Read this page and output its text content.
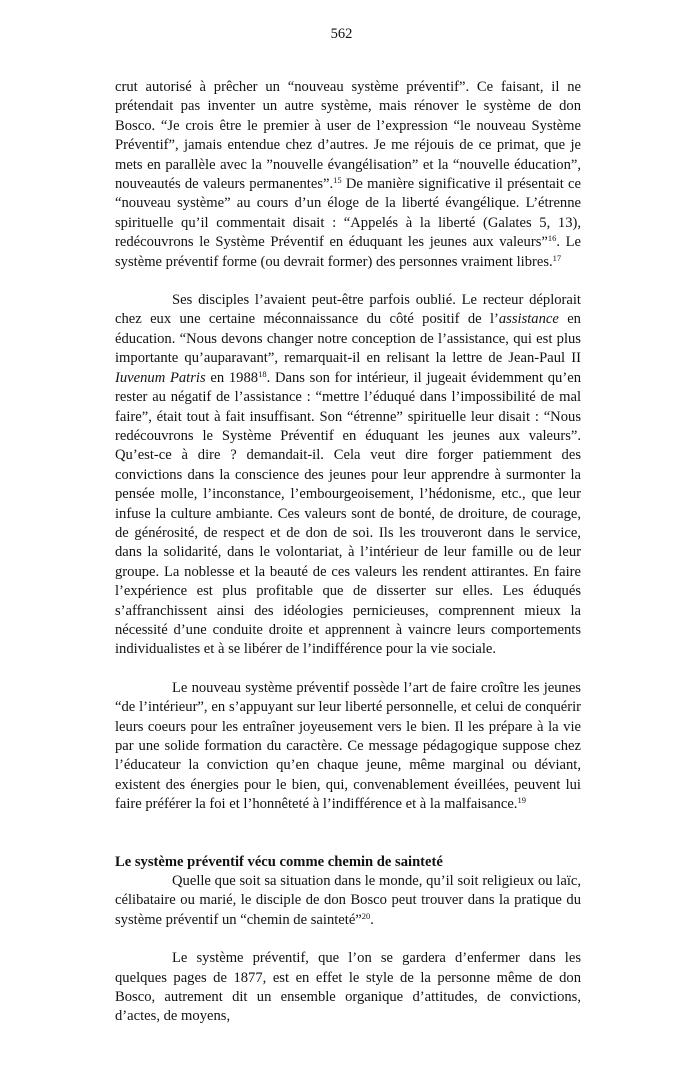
562

crut autorisé à prêcher un “nouveau système préventif”. Ce faisant, il ne prétendait pas inventer un autre système, mais rénover le système de don Bosco. “Je crois être le premier à user de l’expression “le nouveau Système Préventif”, jamais entendue chez d’autres. Je me réjouis de ce primat, que je mets en parallèle avec la ”nouvelle évangélisation” et la “nouvelle éducation”, nouveautés de valeurs permanentes”.$^{15}$ De manière significative il présentait ce “nouveau système” au cours d’un éloge de la liberté évangélique. L’étrenne spirituelle qu’il commentait disait : “Appelés à la liberté (Galates 5, 13), redécouvrons le Système Préventif en éduquant les jeunes aux valeurs”$^{16}$. Le système préventif forme (ou devrait former) des personnes vraiment libres.$^{17}$

Ses disciples l’avaient peut-être parfois oublié. Le recteur déplorait chez eux une certaine méconnaissance du côté positif de l’assistance en éducation. “Nous devons changer notre conception de l’assistance, qui est plus importante qu’auparavant”, remarquait-il en relisant la lettre de Jean-Paul II Iuvenum Patris en 1988$^{18}$. Dans son for intérieur, il jugeait évidemment qu’en rester au négatif de l’assistance : “mettre l’éduqué dans l’impossibilité de mal faire”, était tout à fait insuffisant. Son “étrenne” spirituelle leur disait : “Nous redécouvrons le Système Préventif en éduquant les jeunes aux valeurs”. Qu’est-ce à dire ? demandait-il. Cela veut dire forger patiemment des convictions dans la conscience des jeunes pour leur apprendre à surmonter la pensée molle, l’inconstance, l’embourgeoisement, l’hédonisme, etc., que leur infuse la culture ambiante. Ces valeurs sont de bonté, de droiture, de courage, de générosité, de respect et de don de soi. Ils les trouveront dans le service, dans la solidarité, dans le volontariat, à l’intérieur de leur famille ou de leur groupe. La noblesse et la beauté de ces valeurs les rendent attirantes. En faire l’expérience est plus profitable que de disserter sur elles. Les éduqués s’affranchissent ainsi des idéologies pernicieuses, comprennent mieux la nécessité d’une conduite droite et apprennent à vaincre leurs comportements individualistes et à se libérer de l’indifférence pour la vie sociale.

Le nouveau système préventif possède l’art de faire croître les jeunes “de l’intérieur”, en s’appuyant sur leur liberté personnelle, et celui de conquérir leurs coeurs pour les entraîner joyeusement vers le bien. Il les prépare à la vie par une solide formation du caractère. Ce message pédagogique suppose chez l’éducateur la conviction qu’en chaque jeune, même marginal ou déviant, existent des énergies pour le bien, qui, convenablement éveillées, peuvent lui faire préférer la foi et l’honnêteté à l’indifférence et à la malfaisance.$^{19}$

Le système préventif vécu comme chemin de sainteté

Quelle que soit sa situation dans le monde, qu’il soit religieux ou laïc, célibataire ou marié, le disciple de don Bosco peut trouver dans la pratique du système préventif un “chemin de sainteté”$^{20}$.

Le système préventif, que l’on se gardera d’enfermer dans les quelques pages de 1877, est en effet le style de la personne même de don Bosco, autrement dit un ensemble organique d’attitudes, de convictions, d’actes, de moyens,
